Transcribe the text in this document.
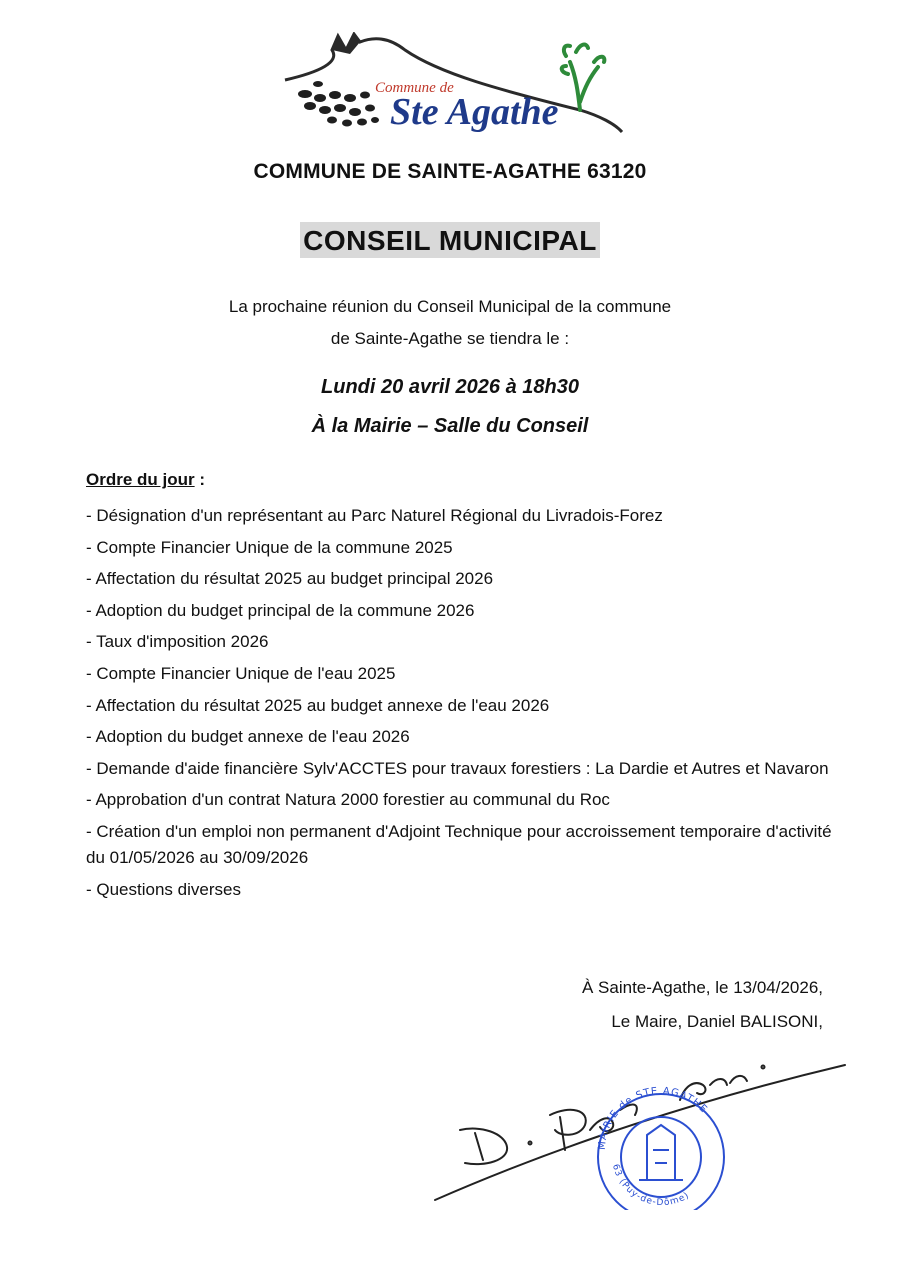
Commune de
Ste Agathe
COMMUNE DE SAINTE-AGATHE 63120
CONSEIL MUNICIPAL
La prochaine réunion du Conseil Municipal de la commune
de Sainte-Agathe se tiendra le :
Lundi 20 avril 2026 à 18h30
À la Mairie – Salle du Conseil
Ordre du jour :
- Désignation d'un représentant au Parc Naturel Régional du Livradois-Forez
- Compte Financier Unique de la commune 2025
- Affectation du résultat 2025 au budget principal 2026
- Adoption du budget principal de la commune 2026
- Taux d'imposition 2026
- Compte Financier Unique de l'eau 2025
- Affectation du résultat 2025 au budget annexe de l'eau 2026
- Adoption du budget annexe de l'eau 2026
- Demande d'aide financière Sylv'ACCTES pour travaux forestiers : La Dardie et Autres et Navaron
- Approbation d'un contrat Natura 2000 forestier au communal du Roc
- Création d'un emploi non permanent d'Adjoint Technique pour accroissement temporaire d'activité du 01/05/2026 au 30/09/2026
- Questions diverses
À Sainte-Agathe, le 13/04/2026,
Le Maire, Daniel BALISONI,
MAIRIE de STE AGATHE
63 (Puy-de-Dôme)
